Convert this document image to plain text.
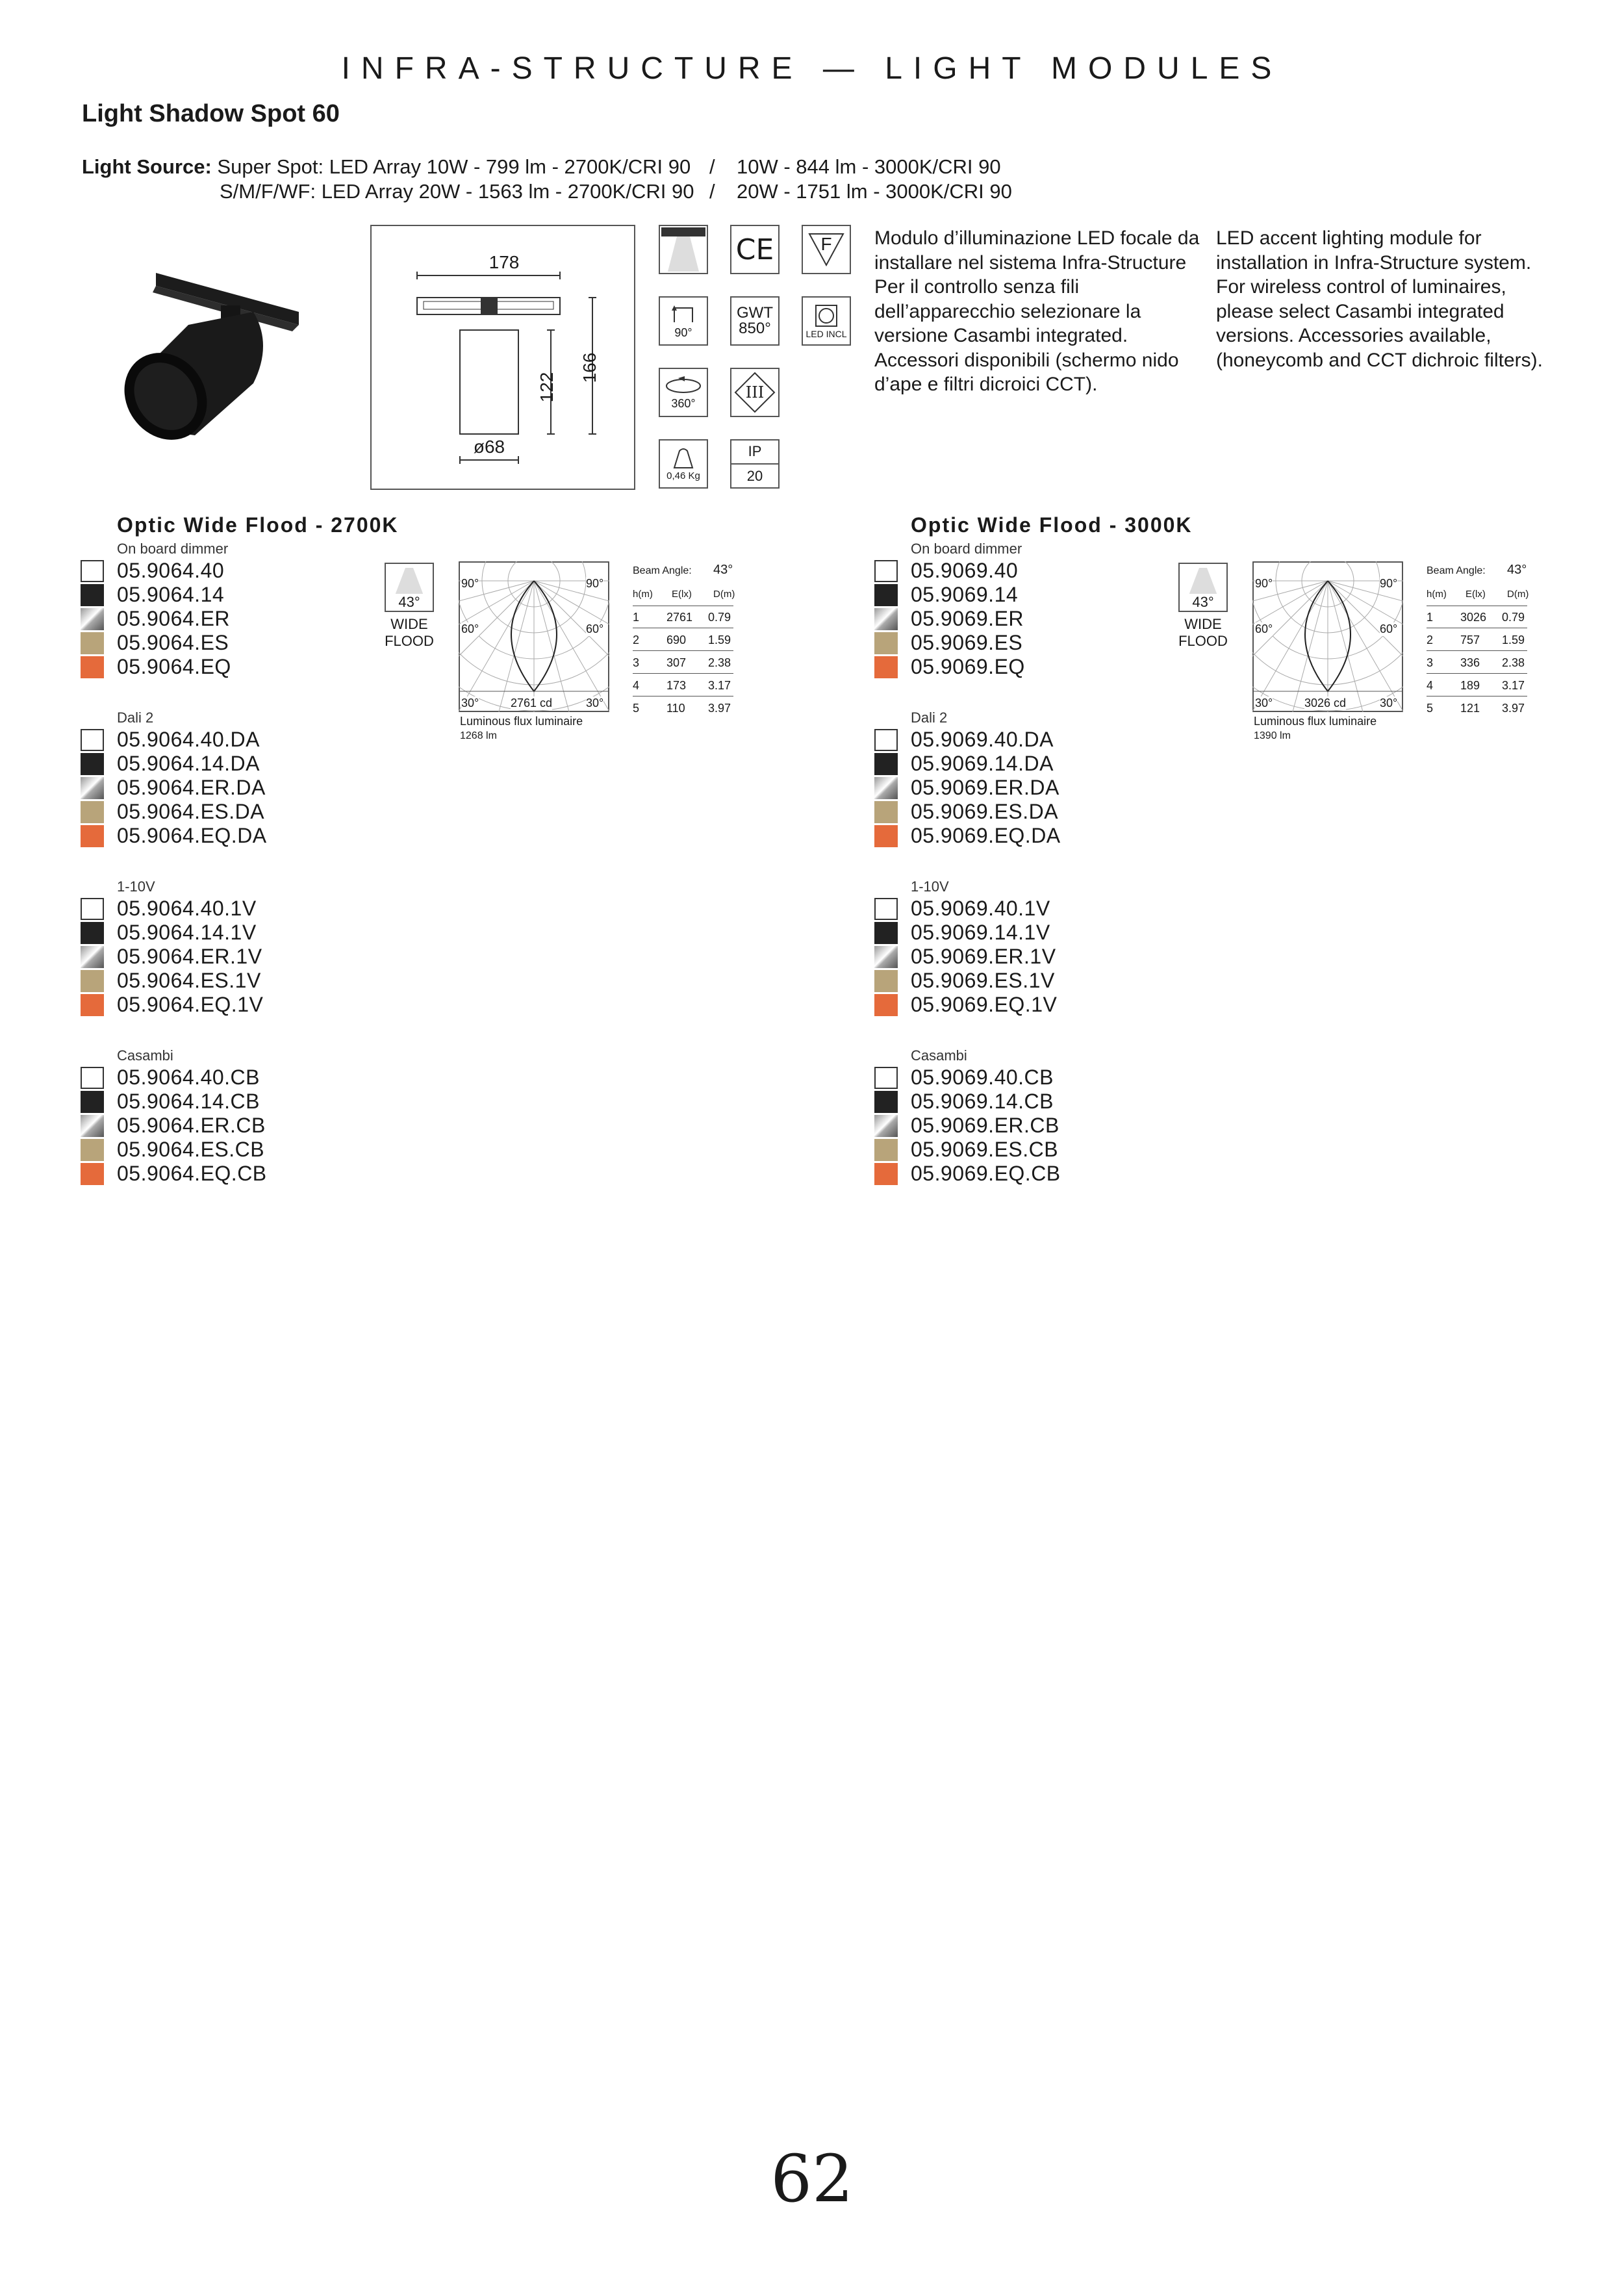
INFRA-STRUCTURE — LIGHT MODULES
Light Shadow Spot 60
Light Source: Super Spot: LED Array 10W - 799 lm - 2700K/CRI 90
S/M/F/WF: LED Array 20W - 1563 lm - 2700K/CRI 90
/
/
10W - 844 lm - 3000K/CRI 90
20W - 1751 lm - 3000K/CRI 90
178
ø68
122
166
CE	F
90°
GWT
850°	LED INCL
360°
III
0,46 Kg
IP
20
Modulo d’illuminazione LED focale da installare nel sistema Infra-Structure Per il controllo senza fili dell’apparecchio selezionare la versione Casambi integrated. Accessori disponibili (schermo nido d’ape e filtri dicroici CCT).
LED accent lighting module for installation in Infra-Structure system. For wireless control of luminaires, please select Casambi integrated versions. Accessories available, (honeycomb and CCT dichroic filters).
Optic Wide Flood - 2700K
On board dimmer
05.9064.40
05.9064.14
05.9064.ER
05.9064.ES
05.9064.EQ
Dali 2
05.9064.40.DA
05.9064.14.DA
05.9064.ER.DA
05.9064.ES.DA
05.9064.EQ.DA
1-10V
05.9064.40.1V
05.9064.14.1V
05.9064.ER.1V
05.9064.ES.1V
05.9064.EQ.1V
Casambi
05.9064.40.CB
05.9064.14.CB
05.9064.ER.CB
05.9064.ES.CB
05.9064.EQ.CB
43°
WIDE
FLOOD
90°	90°
60°	60°
30°	30°
2761 cd
Luminous flux luminaire
1268 lm
Beam Angle: 43°
h(m) E(lx) D(m)
1 2761 0.79
2 690 1.59
3 307 2.38
4 173 3.17
5 110 3.97
Optic Wide Flood - 3000K
On board dimmer
05.9069.40
05.9069.14
05.9069.ER
05.9069.ES
05.9069.EQ
Dali 2
05.9069.40.DA
05.9069.14.DA
05.9069.ER.DA
05.9069.ES.DA
05.9069.EQ.DA
1-10V
05.9069.40.1V
05.9069.14.1V
05.9069.ER.1V
05.9069.ES.1V
05.9069.EQ.1V
Casambi
05.9069.40.CB
05.9069.14.CB
05.9069.ER.CB
05.9069.ES.CB
05.9069.EQ.CB
43°
WIDE
FLOOD
90°	90°
60°	60°
30°	30°
3026 cd
Luminous flux luminaire
1390 lm
Beam Angle: 43°
h(m) E(lx) D(m)
1 3026 0.79
2 757 1.59
3 336 2.38
4 189 3.17
5 121 3.97
62
